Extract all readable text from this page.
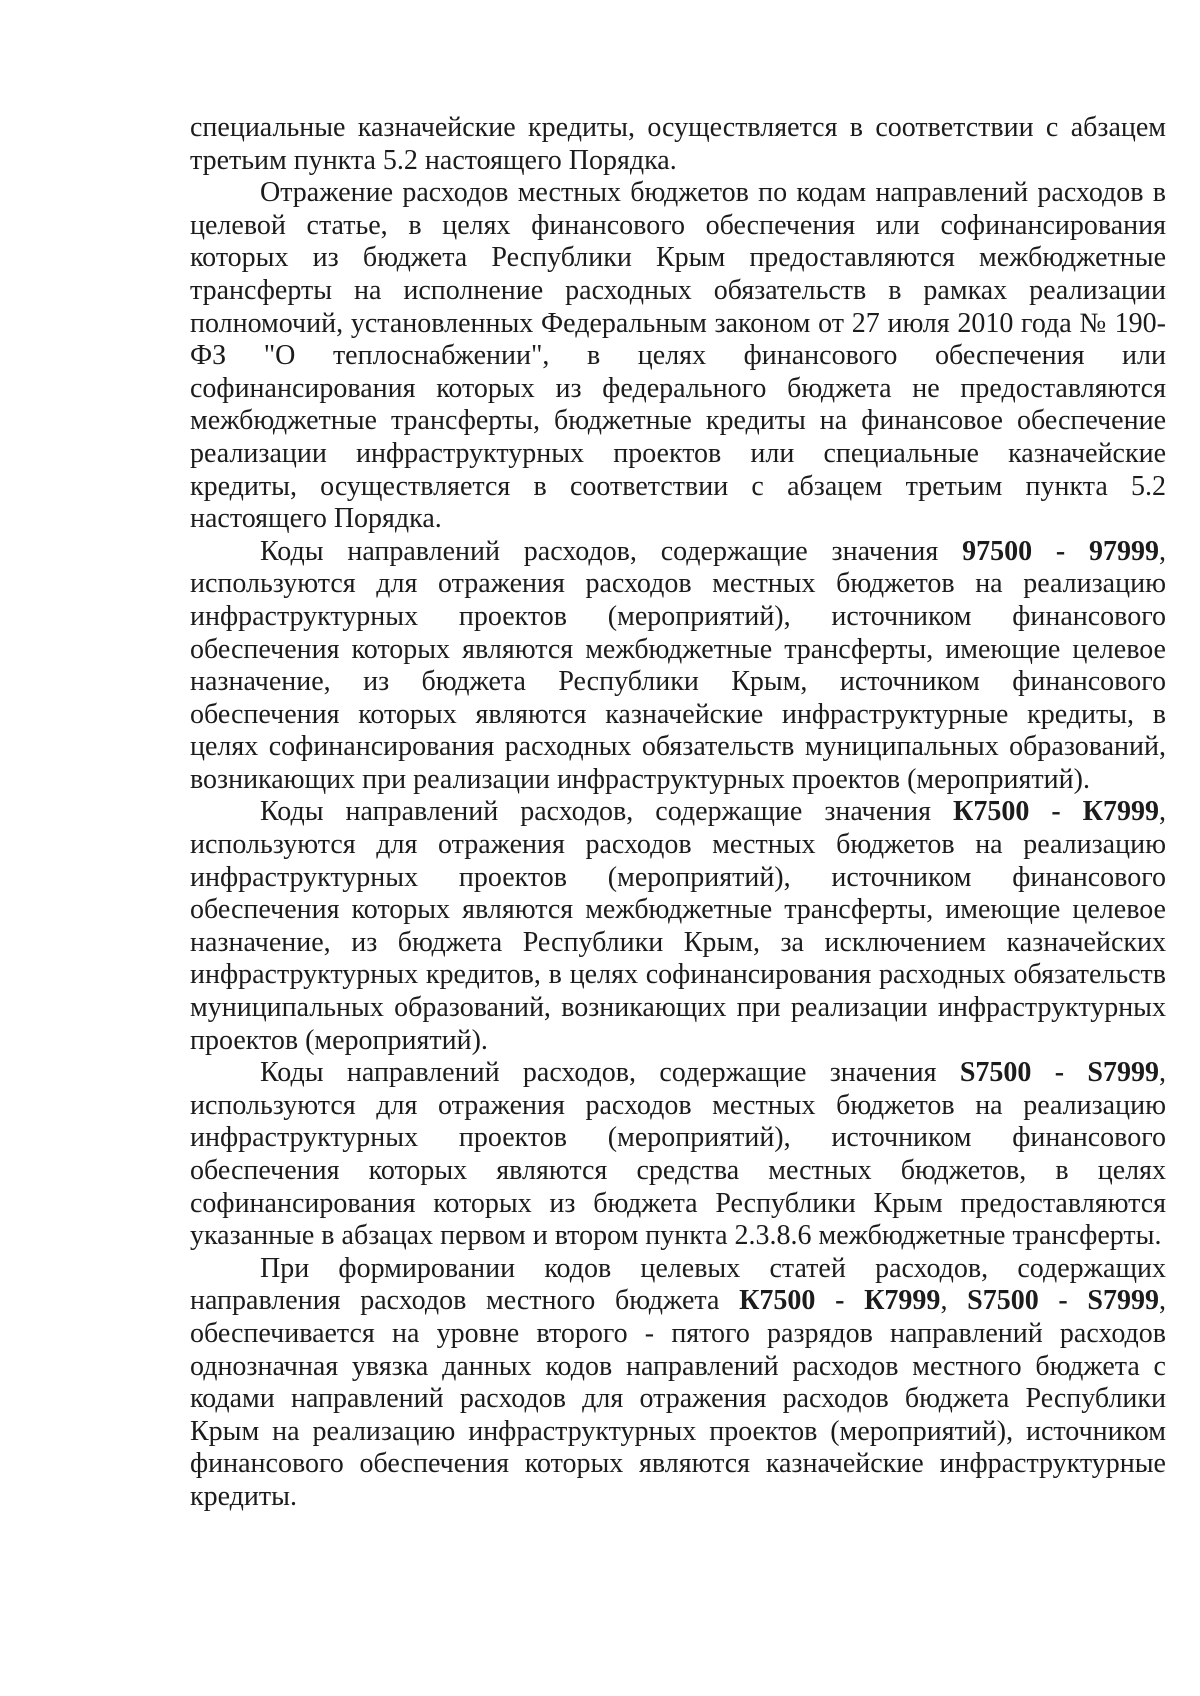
специальные казначейские кредиты, осуществляется в соответствии с абзацем третьим пункта 5.2 настоящего Порядка.

Отражение расходов местных бюджетов по кодам направлений расходов в целевой статье, в целях финансового обеспечения или софинансирования которых из бюджета Республики Крым предоставляются межбюджетные трансферты на исполнение расходных обязательств в рамках реализации полномочий, установленных Федеральным законом от 27 июля 2010 года № 190-ФЗ "О теплоснабжении", в целях финансового обеспечения или софинансирования которых из федерального бюджета не предоставляются межбюджетные трансферты, бюджетные кредиты на финансовое обеспечение реализации инфраструктурных проектов или специальные казначейские кредиты, осуществляется в соответствии с абзацем третьим пункта 5.2 настоящего Порядка.

Коды направлений расходов, содержащие значения 97500 - 97999, используются для отражения расходов местных бюджетов на реализацию инфраструктурных проектов (мероприятий), источником финансового обеспечения которых являются межбюджетные трансферты, имеющие целевое назначение, из бюджета Республики Крым, источником финансового обеспечения которых являются казначейские инфраструктурные кредиты, в целях софинансирования расходных обязательств муниципальных образований, возникающих при реализации инфраструктурных проектов (мероприятий).

Коды направлений расходов, содержащие значения К7500 - К7999, используются для отражения расходов местных бюджетов на реализацию инфраструктурных проектов (мероприятий), источником финансового обеспечения которых являются межбюджетные трансферты, имеющие целевое назначение, из бюджета Республики Крым, за исключением казначейских инфраструктурных кредитов, в целях софинансирования расходных обязательств муниципальных образований, возникающих при реализации инфраструктурных проектов (мероприятий).

Коды направлений расходов, содержащие значения S7500 - S7999, используются для отражения расходов местных бюджетов на реализацию инфраструктурных проектов (мероприятий), источником финансового обеспечения которых являются средства местных бюджетов, в целях софинансирования которых из бюджета Республики Крым предоставляются указанные в абзацах первом и втором пункта 2.3.8.6 межбюджетные трансферты.

При формировании кодов целевых статей расходов, содержащих направления расходов местного бюджета К7500 - К7999, S7500 - S7999, обеспечивается на уровне второго - пятого разрядов направлений расходов однозначная увязка данных кодов направлений расходов местного бюджета с кодами направлений расходов для отражения расходов бюджета Республики Крым на реализацию инфраструктурных проектов (мероприятий), источником финансового обеспечения которых являются казначейские инфраструктурные кредиты.
